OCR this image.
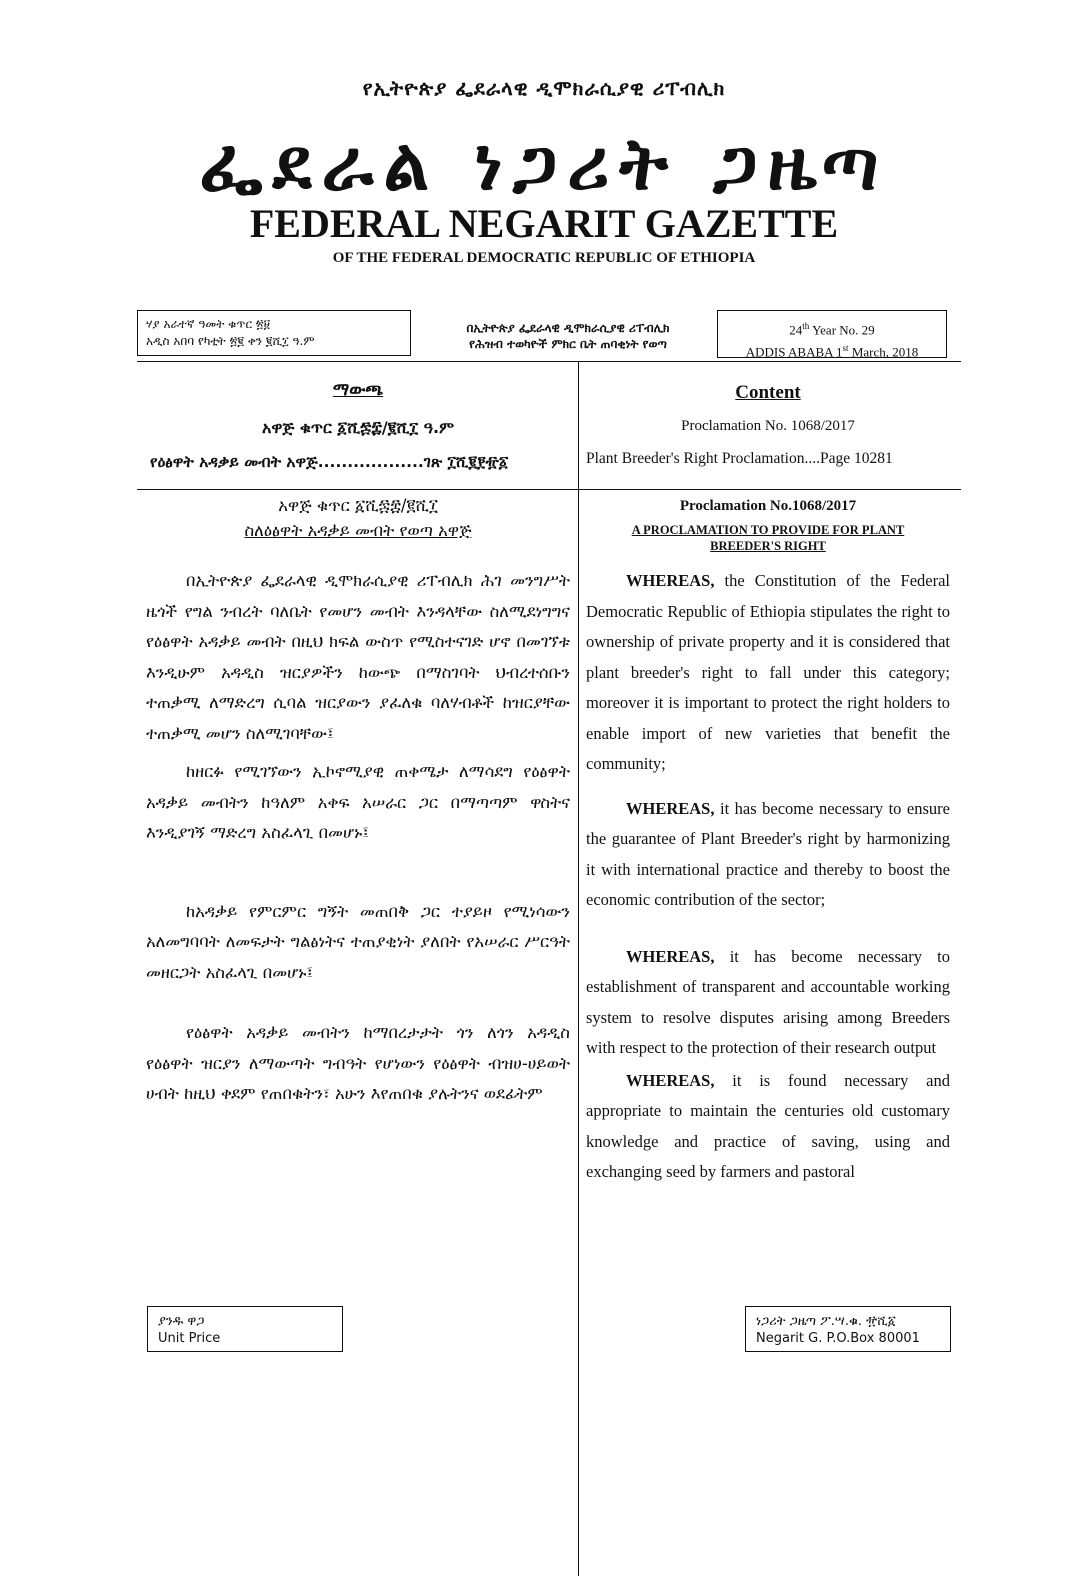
የኢትዮጵያ ፌደራላዊ ዲሞክራሲያዊ ሪፐብሊክ
ፌደራል ነጋሪት ጋዜጣ
FEDERAL NEGARIT GAZETTE
OF THE FEDERAL DEMOCRATIC REPUBLIC OF ETHIOPIA
ሃያ አራተኛ ዓመት ቁጥር ፳፱
አዲስ አበባ የካቲት ፳፪ ቀን ፪ሺ፲ ዓ.ም
በኢትዮጵያ ፌደራላዊ ዲሞክራሲያዊ ሪፐብሊክ
የሕዝብ ተወካዮች ምክር ቤት ጠባቂነት የወጣ
24th Year No. 29
ADDIS ABABA 1st March, 2018
ማውጫ
አዋጅ ቁጥር ፩ሺ፷፰/፪ሺ፲ ዓ.ም
የዕፅዋት አዳቃይ መብት አዋጅ..................ገጽ ፲ሺ፪፻፹፩
Content
Proclamation No. 1068/2017
Plant Breeder's Right Proclamation....Page 10281
አዋጅ ቁጥር ፩ሺ፷፰/፪ሺ፲
ስለዕፅዋት አዳቃይ መብት የወጣ አዋጅ

በኢትዮጵያ ፌደራላዊ ዲሞክራሲያዊ ሪፐብሊክ ሕገ መንግሥት ዜጎች የግል ንብረት ባለቤት የመሆን መብት እንዳላቸው ስለሚደነግግና የዕፅዋት አዳቃይ መብት በዚህ ክፍል ውስጥ የሚስተናገድ ሆኖ በመገኘቱ እንዲሁም አዳዲስ ዝርያዎችን ከውጭ በማስገባት ህብረተሰቡን ተጠቃሚ ለማድረግ ሲባል ዝርያውን ያፈለቁ ባለሃብቶች ከዝርያቸው ተጠቃሚ መሆን ስለሚገባቸው፤

ከዘርፉ የሚገኘውን ኢኮኖሚያዊ ጠቀሜታ ለማሳደግ የዕፅዋት አዳቃይ መብትን ከዓለም አቀፍ አሠራር ጋር በማጣጣም ዋስትና እንዲያገኝ ማድረግ አስፈላጊ በመሆኑ፤

ከአዳቃይ የምርምር ግኝት መጠበቅ ጋር ተያይዞ የሚነሳውን አለመግባባት ለመፍታት ግልፅነትና ተጠያቂነት ያለበት የአሠራር ሥርዓት መዘርጋት አስፈላጊ በመሆኑ፤

የዕፅዋት አዳቃይ መብትን ከማበረታታት ጎን ለጎን አዳዲስ የዕፅዋት ዝርያን ለማውጣት ግብዓት የሆነውን የዕፅዋት ብዝሀ-ሀይወት ሀብት ከዚህ ቀደም የጠበቁትን፣ አሁን እየጠበቁ ያሉትንና ወደፊትም

Proclamation No.1068/2017
A PROCLAMATION TO PROVIDE FOR PLANT BREEDER'S RIGHT

WHEREAS, the Constitution of the Federal Democratic Republic of Ethiopia stipulates the right to ownership of private property and it is considered that plant breeder's right to fall under this category; moreover it is important to protect the right holders to enable import of new varieties that benefit the community;

WHEREAS, it has become necessary to ensure the guarantee of Plant Breeder's right by harmonizing it with international practice and thereby to boost the economic contribution of the sector;

WHEREAS, it has become necessary to establishment of transparent and accountable working system to resolve disputes arising among Breeders with respect to the protection of their research output

WHEREAS, it is found necessary and appropriate to maintain the centuries old customary knowledge and practice of saving, using and exchanging seed by farmers and pastoral

ያንዱ ዋጋ
Unit Price
ነጋሪት ጋዜጣ ፖ.ሣ.ቁ. ፹ሺ፩
Negarit G. P.O.Box 80001
